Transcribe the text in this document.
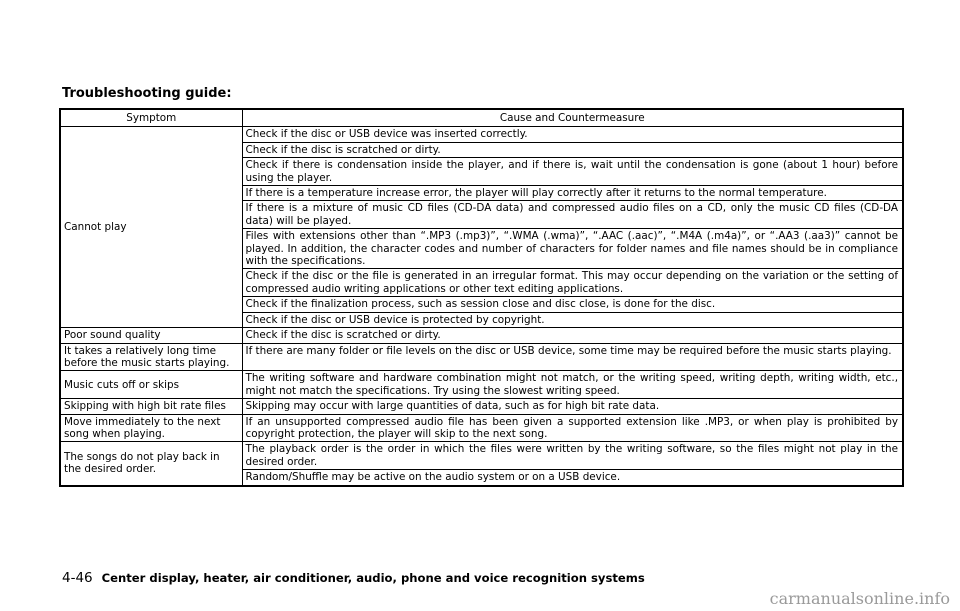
Troubleshooting guide:
Symptom	Cause and Countermeasure
Cannot play	Check if the disc or USB device was inserted correctly.
	Check if the disc is scratched or dirty.
	Check if there is condensation inside the player, and if there is, wait until the condensation is gone (about 1 hour) before using the player.
	If there is a temperature increase error, the player will play correctly after it returns to the normal temperature.
	If there is a mixture of music CD files (CD-DA data) and compressed audio files on a CD, only the music CD files (CD-DA data) will be played.
	Files with extensions other than “.MP3 (.mp3)”, “.WMA (.wma)”, “.AAC (.aac)”, “.M4A (.m4a)”, or “.AA3 (.aa3)” cannot be played. In addition, the character codes and number of characters for folder names and file names should be in compliance with the specifications.
	Check if the disc or the file is generated in an irregular format. This may occur depending on the variation or the setting of compressed audio writing applications or other text editing applications.
	Check if the finalization process, such as session close and disc close, is done for the disc.
	Check if the disc or USB device is protected by copyright.
Poor sound quality	Check if the disc is scratched or dirty.
It takes a relatively long time before the music starts playing.	If there are many folder or file levels on the disc or USB device, some time may be required before the music starts playing.
Music cuts off or skips	The writing software and hardware combination might not match, or the writing speed, writing depth, writing width, etc., might not match the specifications. Try using the slowest writing speed.
Skipping with high bit rate files	Skipping may occur with large quantities of data, such as for high bit rate data.
Move immediately to the next song when playing.	If an unsupported compressed audio file has been given a supported extension like .MP3, or when play is prohibited by copyright protection, the player will skip to the next song.
The songs do not play back in the desired order.	The playback order is the order in which the files were written by the writing software, so the files might not play in the desired order.
	Random/Shuffle may be active on the audio system or on a USB device.
4-46 Center display, heater, air conditioner, audio, phone and voice recognition systems
carmanualsonline.info
